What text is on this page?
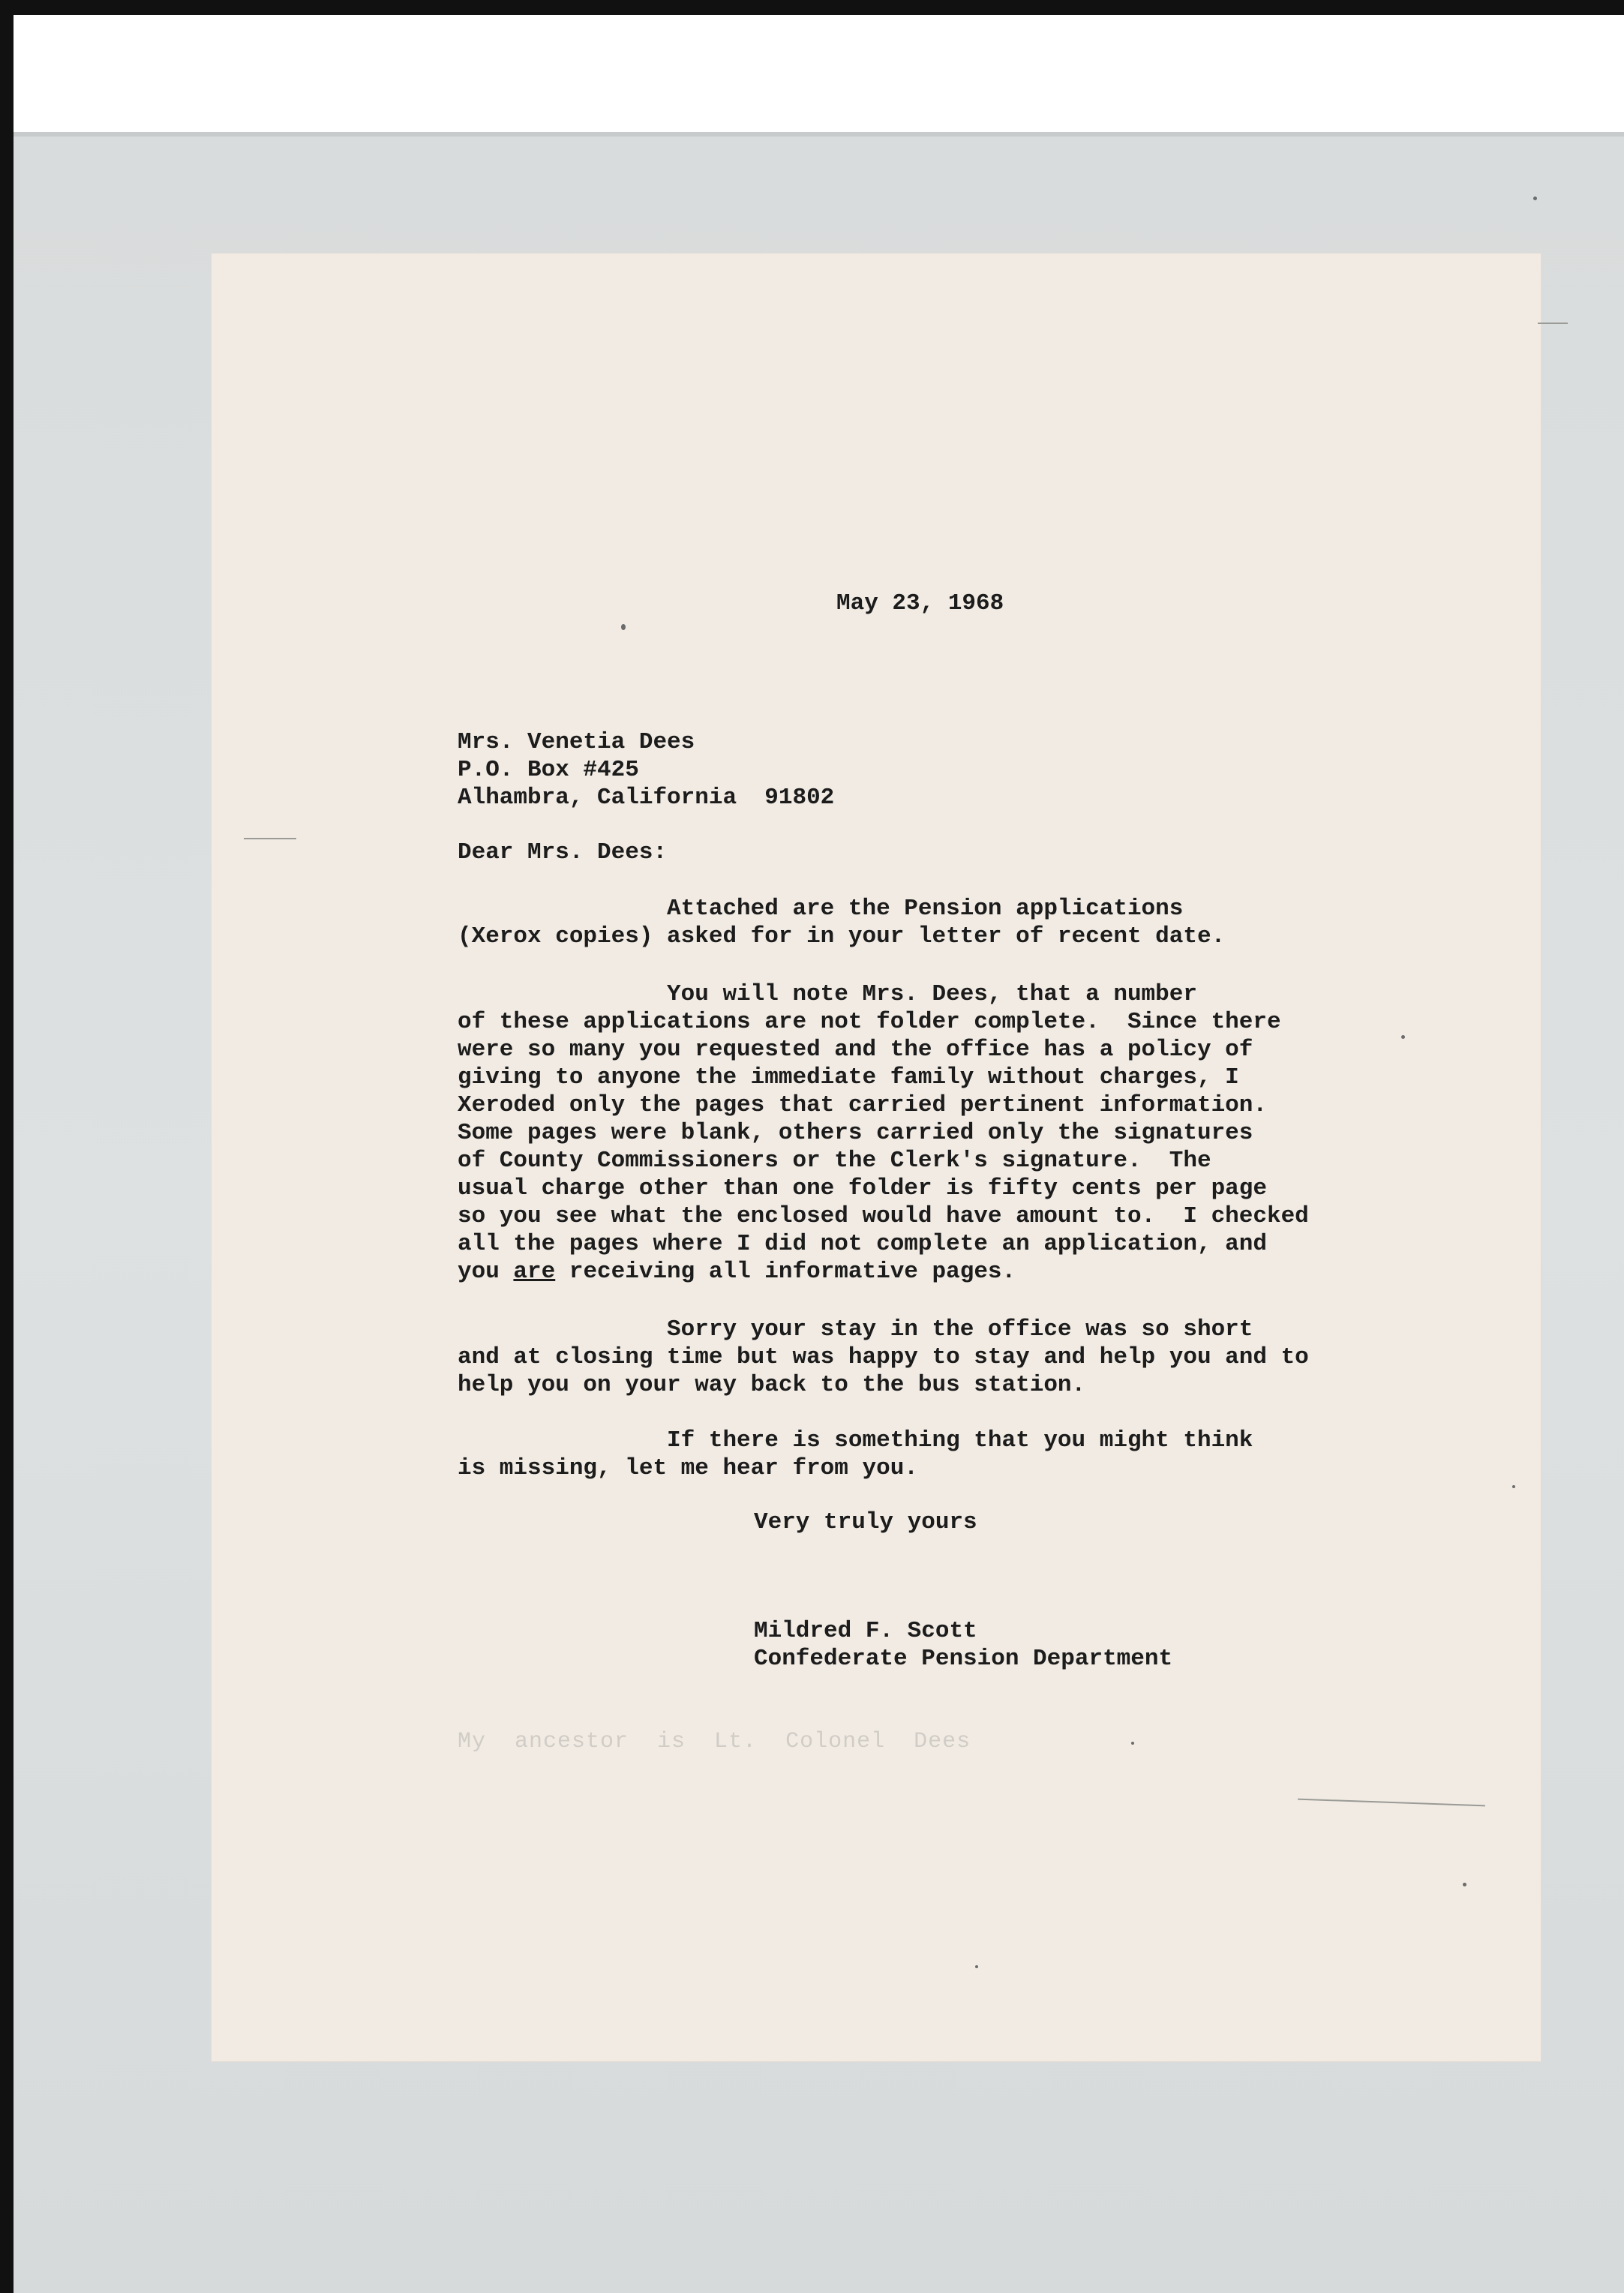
May 23, 1968
Mrs. Venetia Dees
P.O. Box #425
Alhambra, California  91802
Dear Mrs. Dees:
Attached are the Pension applications
(Xerox copies) asked for in your letter of recent date.
You will note Mrs. Dees, that a number
of these applications are not folder complete.  Since there
were so many you requested and the office has a policy of
giving to anyone the immediate family without charges, I
Xeroded only the pages that carried pertinent information.
Some pages were blank, others carried only the signatures
of County Commissioners or the Clerk's signature.  The
usual charge other than one folder is fifty cents per page
so you see what the enclosed would have amount to.  I checked
all the pages where I did not complete an application, and
you are receiving all informative pages.
Sorry your stay in the office was so short
and at closing time but was happy to stay and help you and to
help you on your way back to the bus station.
If there is something that you might think
is missing, let me hear from you.
Very truly yours
Mildred F. Scott
Confederate Pension Department
My  ancestor  is  Lt.  Colonel  Dees
